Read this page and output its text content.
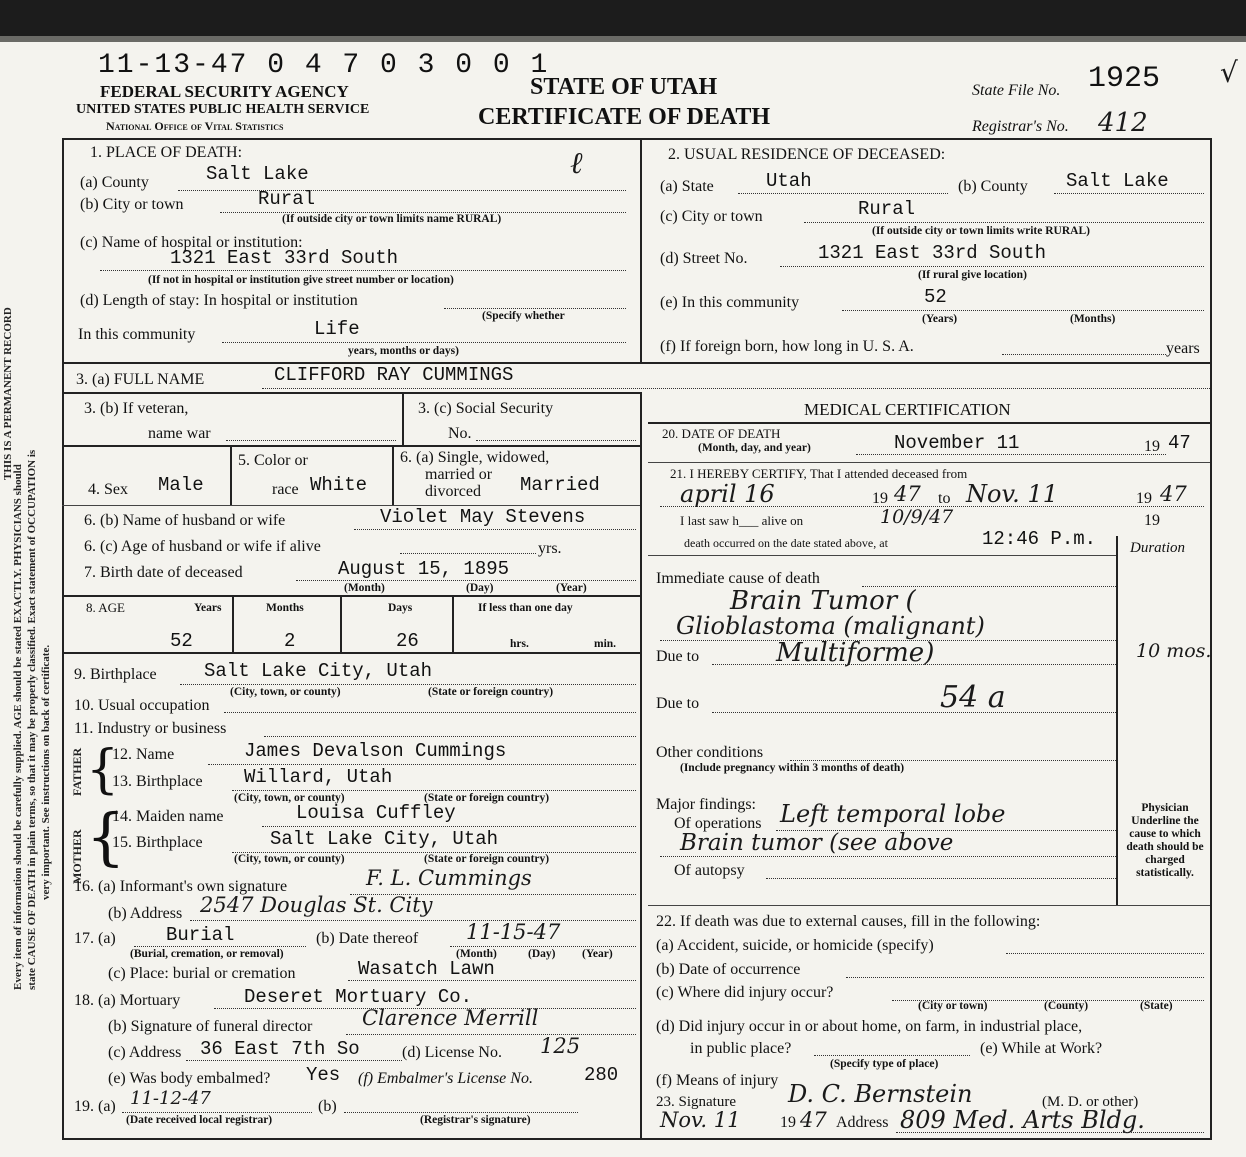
11-13-47 0 4 7 0 3 0 0 1
FEDERAL SECURITY AGENCY
UNITED STATES PUBLIC HEALTH SERVICE
National Office of Vital Statistics
STATE OF UTAH
CERTIFICATE OF DEATH
State File No. 1925
Registrar's No. 412
√
Every item of information should be carefully supplied. AGE should be stated EXACTLY. PHYSICIANS should state CAUSE OF DEATH in plain terms, so that it may be properly classified. Exact statement of OCCUPATION is very important. See instructions on back of certificate.
THIS IS A PERMANENT RECORD
1. PLACE OF DEATH:
(a) County	Salt Lake	ℓ
(b) City or town	Rural
(If outside city or town limits name RURAL)
(c) Name of hospital or institution:
1321 East 33rd South
(If not in hospital or institution give street number or location)
(d) Length of stay: In hospital or institution
(Specify whether
In this community	Life
years, months or days)
2. USUAL RESIDENCE OF DECEASED:
(a) State	Utah	(b) County Salt Lake
(c) City or town	Rural
(If outside city or town limits write RURAL)
(d) Street No.	1321 East 33rd South
(If rural give location)
(e) In this community	52
(Years)	(Months)
(f) If foreign born, how long in U. S. A.	years
3. (a) FULL NAME	CLIFFORD RAY CUMMINGS
3. (b) If veteran,
name war
3. (c) Social Security
No.
4. Sex Male
5. Color or
race White
6. (a) Single, widowed,
married or
divorced Married
6. (b) Name of husband or wife	Violet May Stevens
6. (c) Age of husband or wife if alive	yrs.
7. Birth date of deceased	August 15, 1895
(Month)	(Day)	(Year)
8. AGE	Years	Months	Days	If less than one day
52	2	26	hrs.	min.
9. Birthplace Salt Lake City, Utah
(City, town, or county)	(State or foreign country)
10. Usual occupation
11. Industry or business
FATHER
MOTHER
{
{
12. Name	James Devalson Cummings
13. Birthplace Willard, Utah
(City, town, or county)	(State or foreign country)
14. Maiden name	Louisa Cuffley
15. Birthplace	Salt Lake City, Utah
(City, town, or county)	(State or foreign country)
16. (a) Informant's own signature	F. L. Cummings
(b) Address 2547 Douglas St. City
17. (a)	Burial
(Burial, cremation, or removal)
(b) Date thereof 11-15-47
(Month)	(Day) (Year)
(c) Place: burial or cremation	Wasatch Lawn
18. (a) Mortuary	Deseret Mortuary Co.
(b) Signature of funeral director Clarence Merrill
(c) Address 36 East 7th So	(d) License No. 125
(e) Was body embalmed? Yes (f) Embalmer's License No.	280
19. (a) 11-12-47
(Date received local registrar)
(b)
(Registrar's signature)
MEDICAL CERTIFICATION
20. DATE OF DEATH
(Month, day, and year)	November 11	19 47
21. I HEREBY CERTIFY, That I attended deceased from
april 16	19 47 to Nov. 11	19 47
I last saw h___ alive on	10/9/47	19
death occurred on the date stated above, at	12:46 P.m. Duration
Immediate cause of death
Brain Tumor (
Glioblastoma (malignant)
Due to	Multiforme)	10 mos.
Due to	54 a
Other conditions
(Include pregnancy within 3 months of death)
Major findings:
Of operations Left temporal lobe
Brain tumor (see above
Of autopsy
Physician Underline the cause to which death should be charged statistically.
22. If death was due to external causes, fill in the following:
(a) Accident, suicide, or homicide (specify)
(b) Date of occurrence
(c) Where did injury occur?
(City or town)	(County)	(State)
(d) Did injury occur in or about home, on farm, in industrial place,
in public place?
(Specify type of place)
(e) While at Work?
(f) Means of injury
23. Signature D. C. Bernstein	(M. D. or other)
Nov. 11 19 47 Address 809 Med. Arts Bldg.
